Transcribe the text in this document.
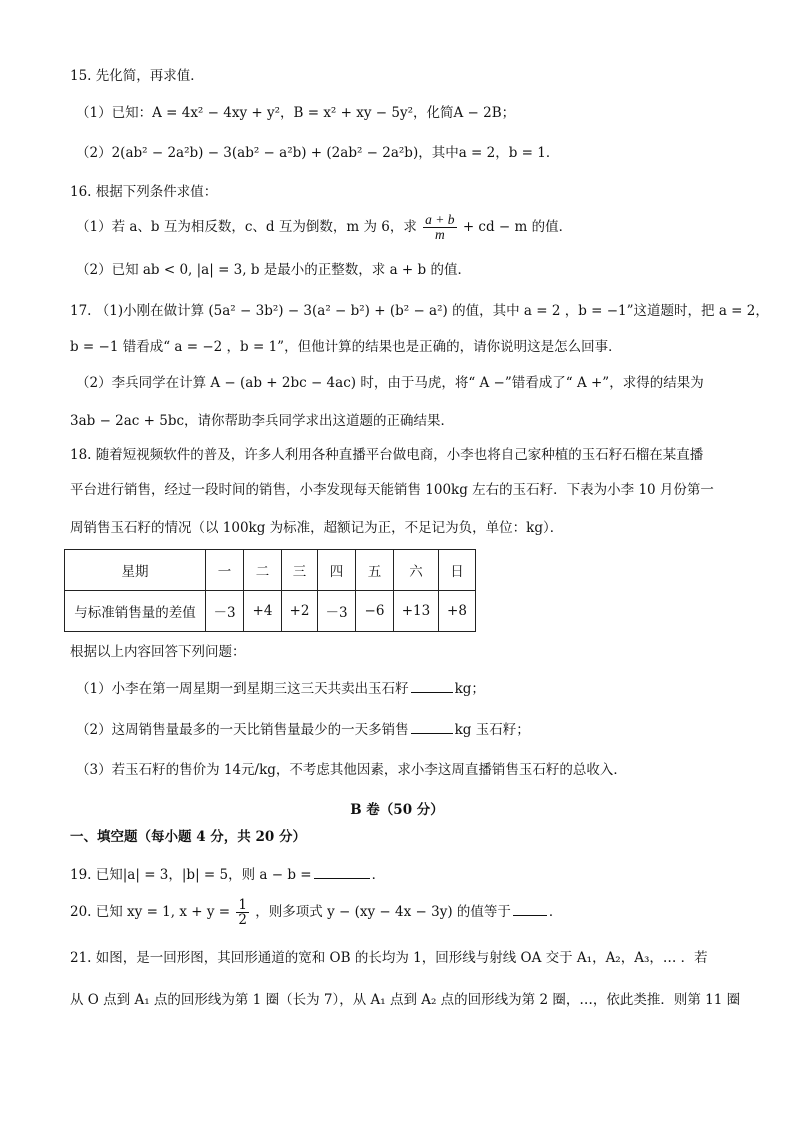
15. 先化简，再求值．
（1）已知：A = 4x² − 4xy + y²，B = x² + xy − 5y²，化简A − 2B；
（2）2(ab² − 2a²b) − 3(ab² − a²b) + (2ab² − 2a²b)，其中a = 2，b = 1．
16. 根据下列条件求值：
（1）若 a、b 互为相反数，c、d 互为倒数，m 为 6，求 $\frac{a + b}{m}$ + cd − m 的值．
（2）已知 ab < 0, |a| = 3, b 是最小的正整数，求 a + b 的值．
17. （1)小刚在做计算 (5a² − 3b²) − 3(a² − b²) + (b² − a²) 的值，其中 a = 2 ，b = −1”这道题时，把 a = 2，
b = −1 错看成“ a = −2 ，b = 1”，但他计算的结果也是正确的，请你说明这是怎么回事．
（2）李兵同学在计算 A − (ab + 2bc − 4ac) 时，由于马虎，将“ A −”错看成了“ A +”，求得的结果为
3ab − 2ac + 5bc，请你帮助李兵同学求出这道题的正确结果．
18. 随着短视频软件的普及，许多人利用各种直播平台做电商，小李也将自己家种植的玉石籽石榴在某直播
平台进行销售，经过一段时间的销售，小李发现每天能销售 100kg 左右的玉石籽．下表为小李 10 月份第一
周销售玉石籽的情况（以 100kg 为标准，超额记为正，不足记为负，单位：kg）．
星期	一	二	三	四	五	六	日
与标准销售量的差值	－3	+4	+2	－3	−6	+13	+8
根据以上内容回答下列问题：
（1）小李在第一周星期一到星期三这三天共卖出玉石籽	kg；
（2）这周销售量最多的一天比销售量最少的一天多销售	kg 玉石籽；
（3）若玉石籽的售价为 14元/kg，不考虑其他因素，求小李这周直播销售玉石籽的总收入．
B 卷（50 分）
一、填空题（每小题 4 分，共 20 分）
19. 已知|a| = 3，|b| = 5，则 a − b =	．
20. 已知 xy = 1, $x + y = \frac{1}{2}$ ，则多项式 y − (xy − 4x − 3y) 的值等于	．
21. 如图，是一回形图，其回形通道的宽和 OB 的长均为 1，回形线与射线 OA 交于 A₁，A₂，A₃，… ．若
从 O 点到 A₁ 点的回形线为第 1 圈（长为 7），从 A₁ 点到 A₂ 点的回形线为第 2 圈，…，依此类推．则第 11 圈
